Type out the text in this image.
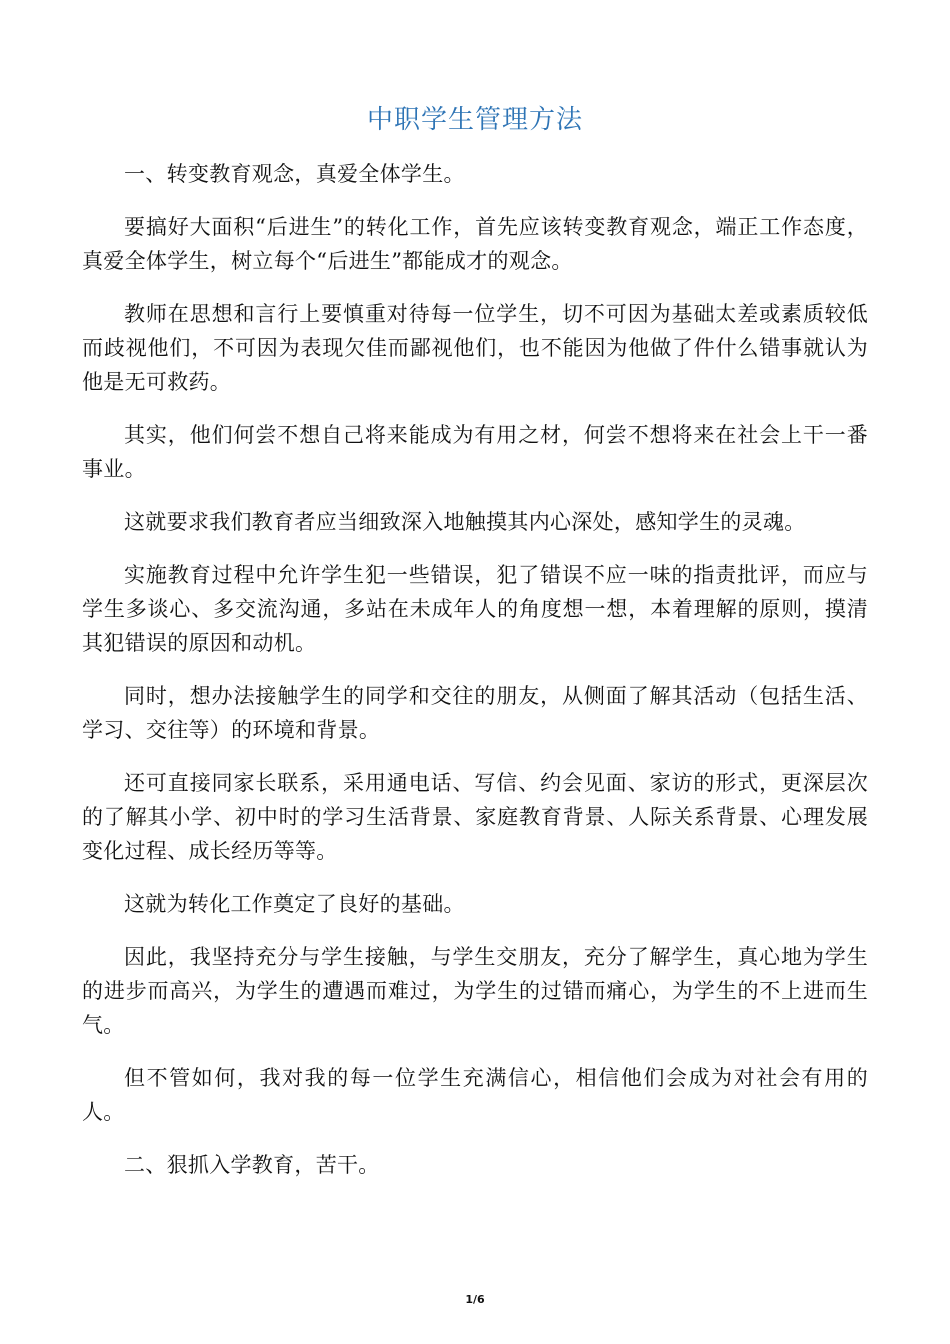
中职学生管理方法

一、转变教育观念，真爱全体学生。

要搞好大面积“后进生”的转化工作，首先应该转变教育观念，端正工作态度，真爱全体学生，树立每个“后进生”都能成才的观念。

教师在思想和言行上要慎重对待每一位学生，切不可因为基础太差或素质较低而歧视他们，不可因为表现欠佳而鄙视他们，也不能因为他做了件什么错事就认为他是无可救药。

其实，他们何尝不想自己将来能成为有用之材，何尝不想将来在社会上干一番事业。

这就要求我们教育者应当细致深入地触摸其内心深处，感知学生的灵魂。

实施教育过程中允许学生犯一些错误，犯了错误不应一味的指责批评，而应与学生多谈心、多交流沟通，多站在未成年人的角度想一想，本着理解的原则，摸清其犯错误的原因和动机。

同时，想办法接触学生的同学和交往的朋友，从侧面了解其活动（包括生活、学习、交往等）的环境和背景。

还可直接同家长联系，采用通电话、写信、约会见面、家访的形式，更深层次的了解其小学、初中时的学习生活背景、家庭教育背景、人际关系背景、心理发展变化过程、成长经历等等。

这就为转化工作奠定了良好的基础。

因此，我坚持充分与学生接触，与学生交朋友，充分了解学生，真心地为学生的进步而高兴，为学生的遭遇而难过，为学生的过错而痛心，为学生的不上进而生气。

但不管如何，我对我的每一位学生充满信心，相信他们会成为对社会有用的人。

二、狠抓入学教育，苦干。

1/6
